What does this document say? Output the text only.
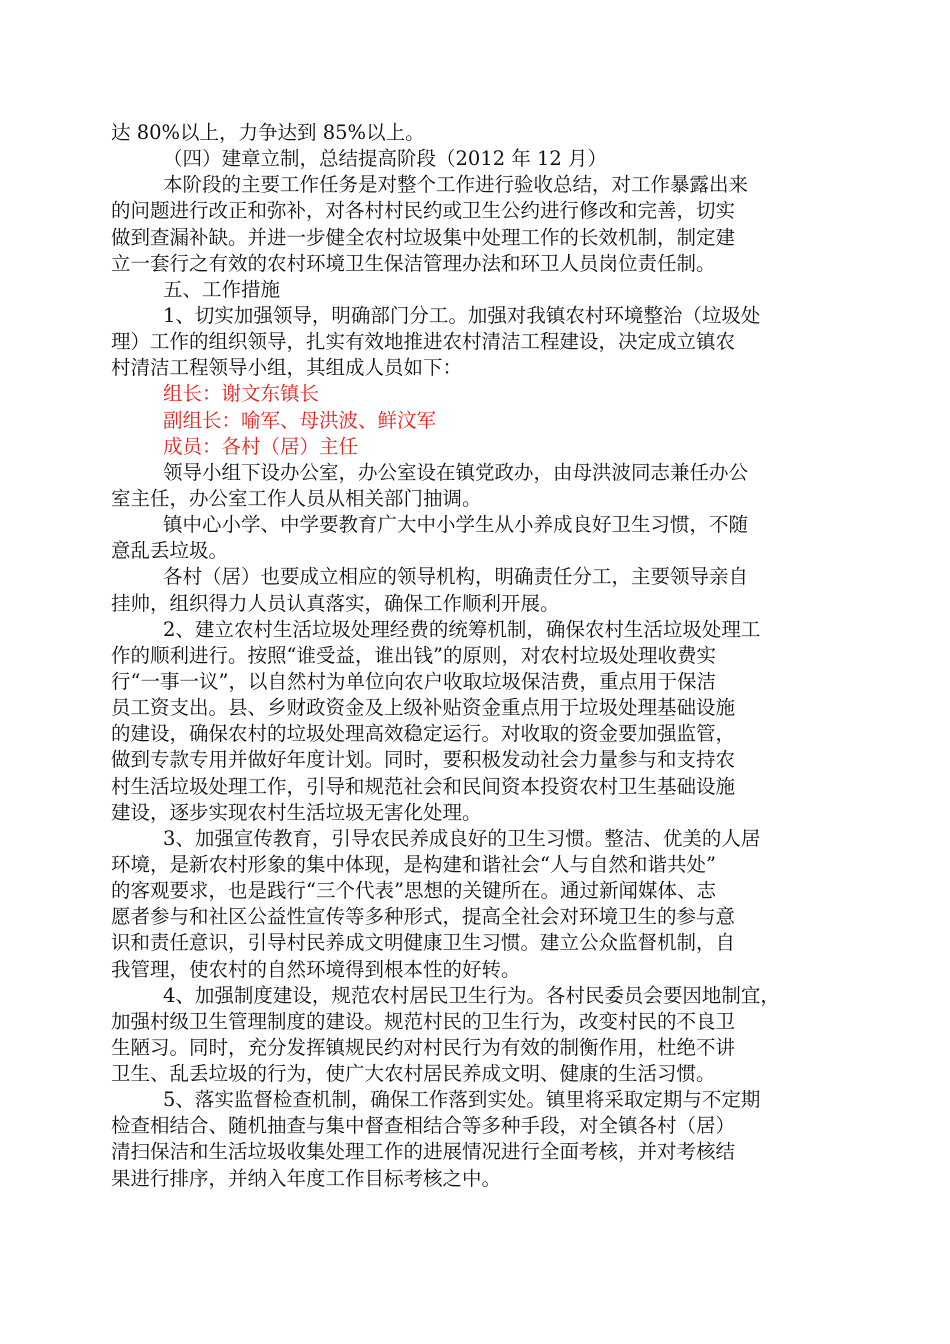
达 80%以上，力争达到 85%以上。
（四）建章立制，总结提高阶段（2012 年 12 月）
本阶段的主要工作任务是对整个工作进行验收总结，对工作暴露出来
的问题进行改正和弥补，对各村村民约或卫生公约进行修改和完善，切实
做到查漏补缺。并进一步健全农村垃圾集中处理工作的长效机制，制定建
立一套行之有效的农村环境卫生保洁管理办法和环卫人员岗位责任制。
五、工作措施
1、切实加强领导，明确部门分工。加强对我镇农村环境整治（垃圾处
理）工作的组织领导，扎实有效地推进农村清洁工程建设，决定成立镇农
村清洁工程领导小组，其组成人员如下：
组长：谢文东镇长
副组长：喻军、母洪波、鲜汶军
成员：各村（居）主任
领导小组下设办公室，办公室设在镇党政办，由母洪波同志兼任办公
室主任，办公室工作人员从相关部门抽调。
镇中心小学、中学要教育广大中小学生从小养成良好卫生习惯，不随
意乱丢垃圾。
各村（居）也要成立相应的领导机构，明确责任分工，主要领导亲自
挂帅，组织得力人员认真落实，确保工作顺利开展。
2、建立农村生活垃圾处理经费的统筹机制，确保农村生活垃圾处理工
作的顺利进行。按照“谁受益，谁出钱”的原则，对农村垃圾处理收费实
行“一事一议”，以自然村为单位向农户收取垃圾保洁费，重点用于保洁
员工资支出。县、乡财政资金及上级补贴资金重点用于垃圾处理基础设施
的建设，确保农村的垃圾处理高效稳定运行。对收取的资金要加强监管，
做到专款专用并做好年度计划。同时，要积极发动社会力量参与和支持农
村生活垃圾处理工作，引导和规范社会和民间资本投资农村卫生基础设施
建设，逐步实现农村生活垃圾无害化处理。
3、加强宣传教育，引导农民养成良好的卫生习惯。整洁、优美的人居
环境，是新农村形象的集中体现，是构建和谐社会“人与自然和谐共处”
的客观要求，也是践行“三个代表”思想的关键所在。通过新闻媒体、志
愿者参与和社区公益性宣传等多种形式，提高全社会对环境卫生的参与意
识和责任意识，引导村民养成文明健康卫生习惯。建立公众监督机制，自
我管理，使农村的自然环境得到根本性的好转。
4、加强制度建设，规范农村居民卫生行为。各村民委员会要因地制宜，
加强村级卫生管理制度的建设。规范村民的卫生行为，改变村民的不良卫
生陋习。同时，充分发挥镇规民约对村民行为有效的制衡作用，杜绝不讲
卫生、乱丢垃圾的行为，使广大农村居民养成文明、健康的生活习惯。
5、落实监督检查机制，确保工作落到实处。镇里将采取定期与不定期
检查相结合、随机抽查与集中督查相结合等多种手段，对全镇各村（居）
清扫保洁和生活垃圾收集处理工作的进展情况进行全面考核，并对考核结
果进行排序，并纳入年度工作目标考核之中。
